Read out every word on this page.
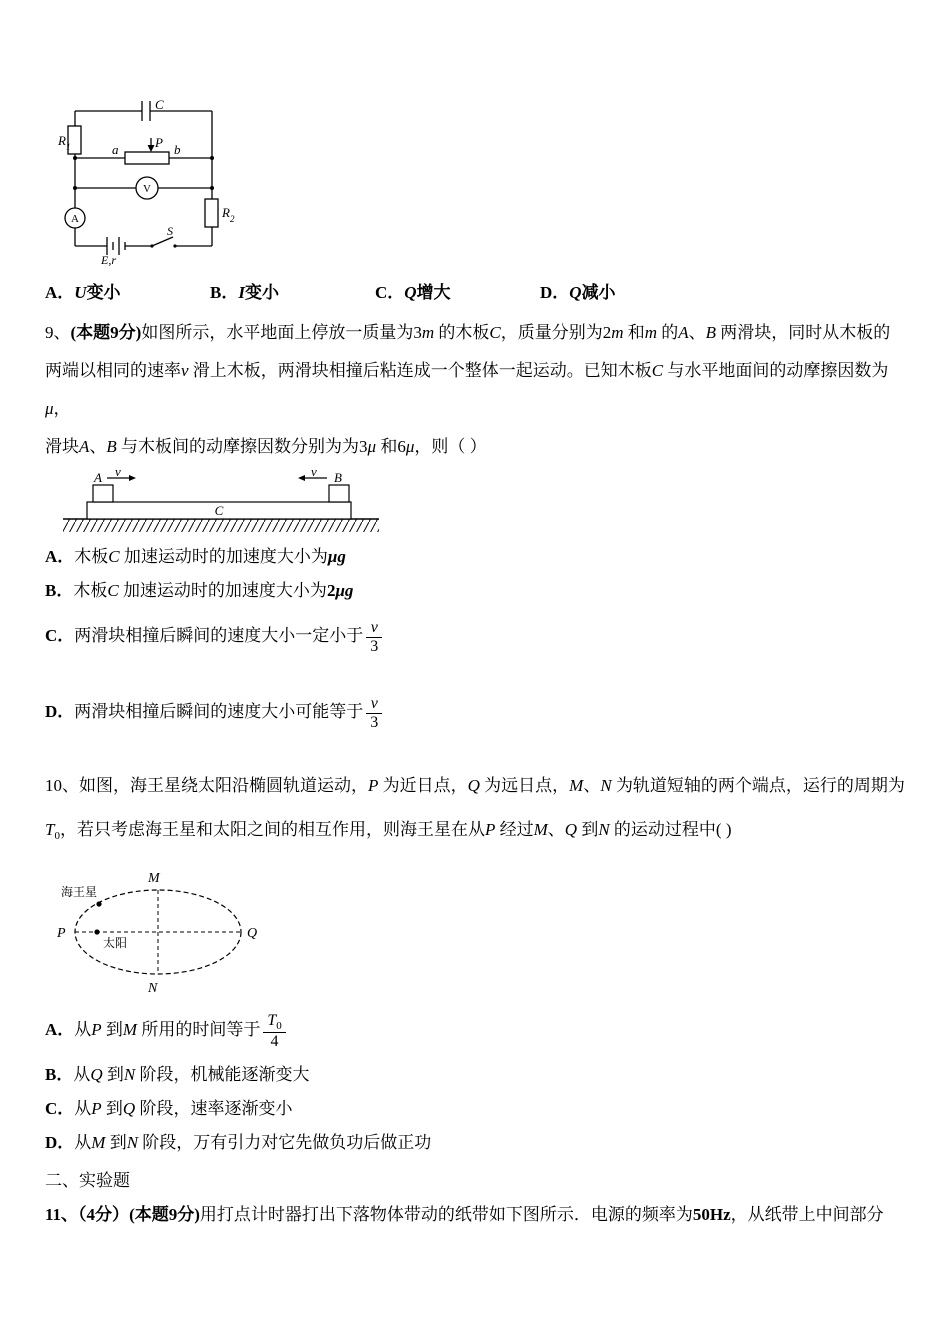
C
R 1	a	P b
V
A	R 2
E,r
S
A．U变小	B．I变小	C．Q增大	D．Q减小
9、(本题9分)如图所示，水平地面上停放一质量为3m 的木板C，质量分别为2m 和m 的A、B 两滑块，同时从木板的
两端以相同的速率v 滑上木板，两滑块相撞后粘连成一个整体一起运动。已知木板C 与水平地面间的动摩擦因数为μ，
滑块A、B 与木板间的动摩擦因数分别为为3μ 和6μ，则（ ）
A v	v B
C
A．木板C 加速运动时的加速度大小为μg
B．木板C 加速运动时的加速度大小为2μg
C．两滑块相撞后瞬间的速度大小一定小于 $\frac{v}{3}$
D．两滑块相撞后瞬间的速度大小可能等于 $\frac{v}{3}$
10、如图，海王星绕太阳沿椭圆轨道运动，P 为近日点，Q 为远日点，M、N 为轨道短轴的两个端点，运行的周期为
$T_0$，若只考虑海王星和太阳之间的相互作用，则海王星在从P 经过M、Q 到N 的运动过程中( )
海王星
太阳
P	Q
M
N
A．从P 到M 所用的时间等于 $\frac{T_0}{4}$
B．从Q 到N 阶段，机械能逐渐变大
C．从P 到Q 阶段，速率逐渐变小
D．从M 到N 阶段，万有引力对它先做负功后做正功
二、实验题
11、（4分）(本题9分)用打点计时器打出下落物体带动的纸带如下图所示．电源的频率为50Hz，从纸带上中间部分
